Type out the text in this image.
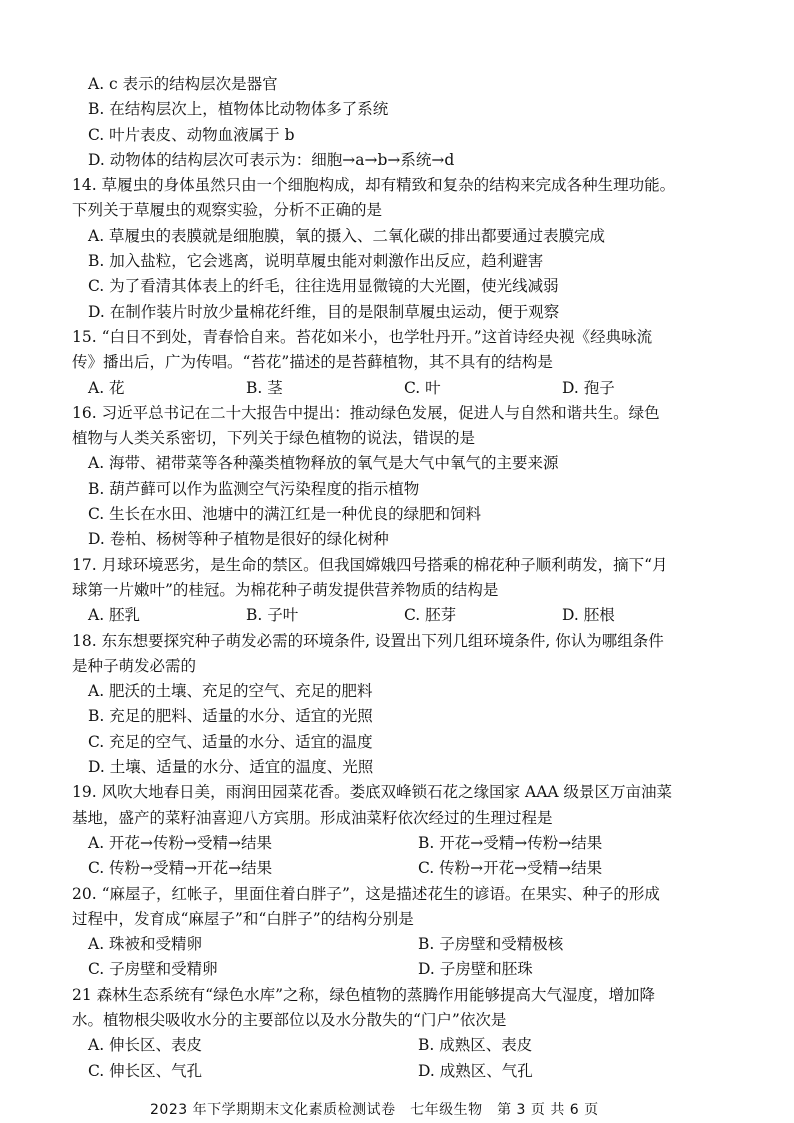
A. c 表示的结构层次是器官
B. 在结构层次上，植物体比动物体多了系统
C. 叶片表皮、动物血液属于 b
D. 动物体的结构层次可表示为：细胞→a→b→系统→d
14. 草履虫的身体虽然只由一个细胞构成，却有精致和复杂的结构来完成各种生理功能。
下列关于草履虫的观察实验，分析不正确的是
A. 草履虫的表膜就是细胞膜，氧的摄入、二氧化碳的排出都要通过表膜完成
B. 加入盐粒，它会逃离，说明草履虫能对刺激作出反应，趋利避害
C. 为了看清其体表上的纤毛，往往选用显微镜的大光圈，使光线减弱
D. 在制作装片时放少量棉花纤维，目的是限制草履虫运动，便于观察
15. “白日不到处，青春恰自来。苔花如米小，也学牡丹开。”这首诗经央视《经典咏流
传》播出后，广为传唱。“苔花”描述的是苔藓植物，其不具有的结构是
A. 花	B. 茎	C. 叶	D. 孢子
16. 习近平总书记在二十大报告中提出：推动绿色发展，促进人与自然和谐共生。绿色
植物与人类关系密切，下列关于绿色植物的说法，错误的是
A. 海带、裙带菜等各种藻类植物释放的氧气是大气中氧气的主要来源
B. 葫芦藓可以作为监测空气污染程度的指示植物
C. 生长在水田、池塘中的满江红是一种优良的绿肥和饲料
D. 卷柏、杨树等种子植物是很好的绿化树种
17. 月球环境恶劣，是生命的禁区。但我国嫦娥四号搭乘的棉花种子顺利萌发，摘下“月
球第一片嫩叶”的桂冠。为棉花种子萌发提供营养物质的结构是
A. 胚乳	B. 子叶	C. 胚芽	D. 胚根
18. 东东想要探究种子萌发必需的环境条件, 设置出下列几组环境条件, 你认为哪组条件
是种子萌发必需的
A. 肥沃的土壤、充足的空气、充足的肥料
B. 充足的肥料、适量的水分、适宜的光照
C. 充足的空气、适量的水分、适宜的温度
D. 土壤、适量的水分、适宜的温度、光照
19. 风吹大地春日美，雨润田园菜花香。娄底双峰锁石花之缘国家 AAA 级景区万亩油菜
基地，盛产的菜籽油喜迎八方宾朋。形成油菜籽依次经过的生理过程是
A. 开花→传粉→受精→结果	B. 开花→受精→传粉→结果
C. 传粉→受精→开花→结果	C. 传粉→开花→受精→结果
20. “麻屋子，红帐子，里面住着白胖子”，这是描述花生的谚语。在果实、种子的形成
过程中，发育成“麻屋子”和“白胖子”的结构分别是
A. 珠被和受精卵	B. 子房壁和受精极核
C. 子房壁和受精卵	D. 子房壁和胚珠
21 森林生态系统有“绿色水库”之称，绿色植物的蒸腾作用能够提高大气湿度，增加降
水。植物根尖吸收水分的主要部位以及水分散失的“门户”依次是
A. 伸长区、表皮	B. 成熟区、表皮
C. 伸长区、气孔	D. 成熟区、气孔
2023 年下学期期末文化素质检测试卷　七年级生物　第 3 页 共 6 页
